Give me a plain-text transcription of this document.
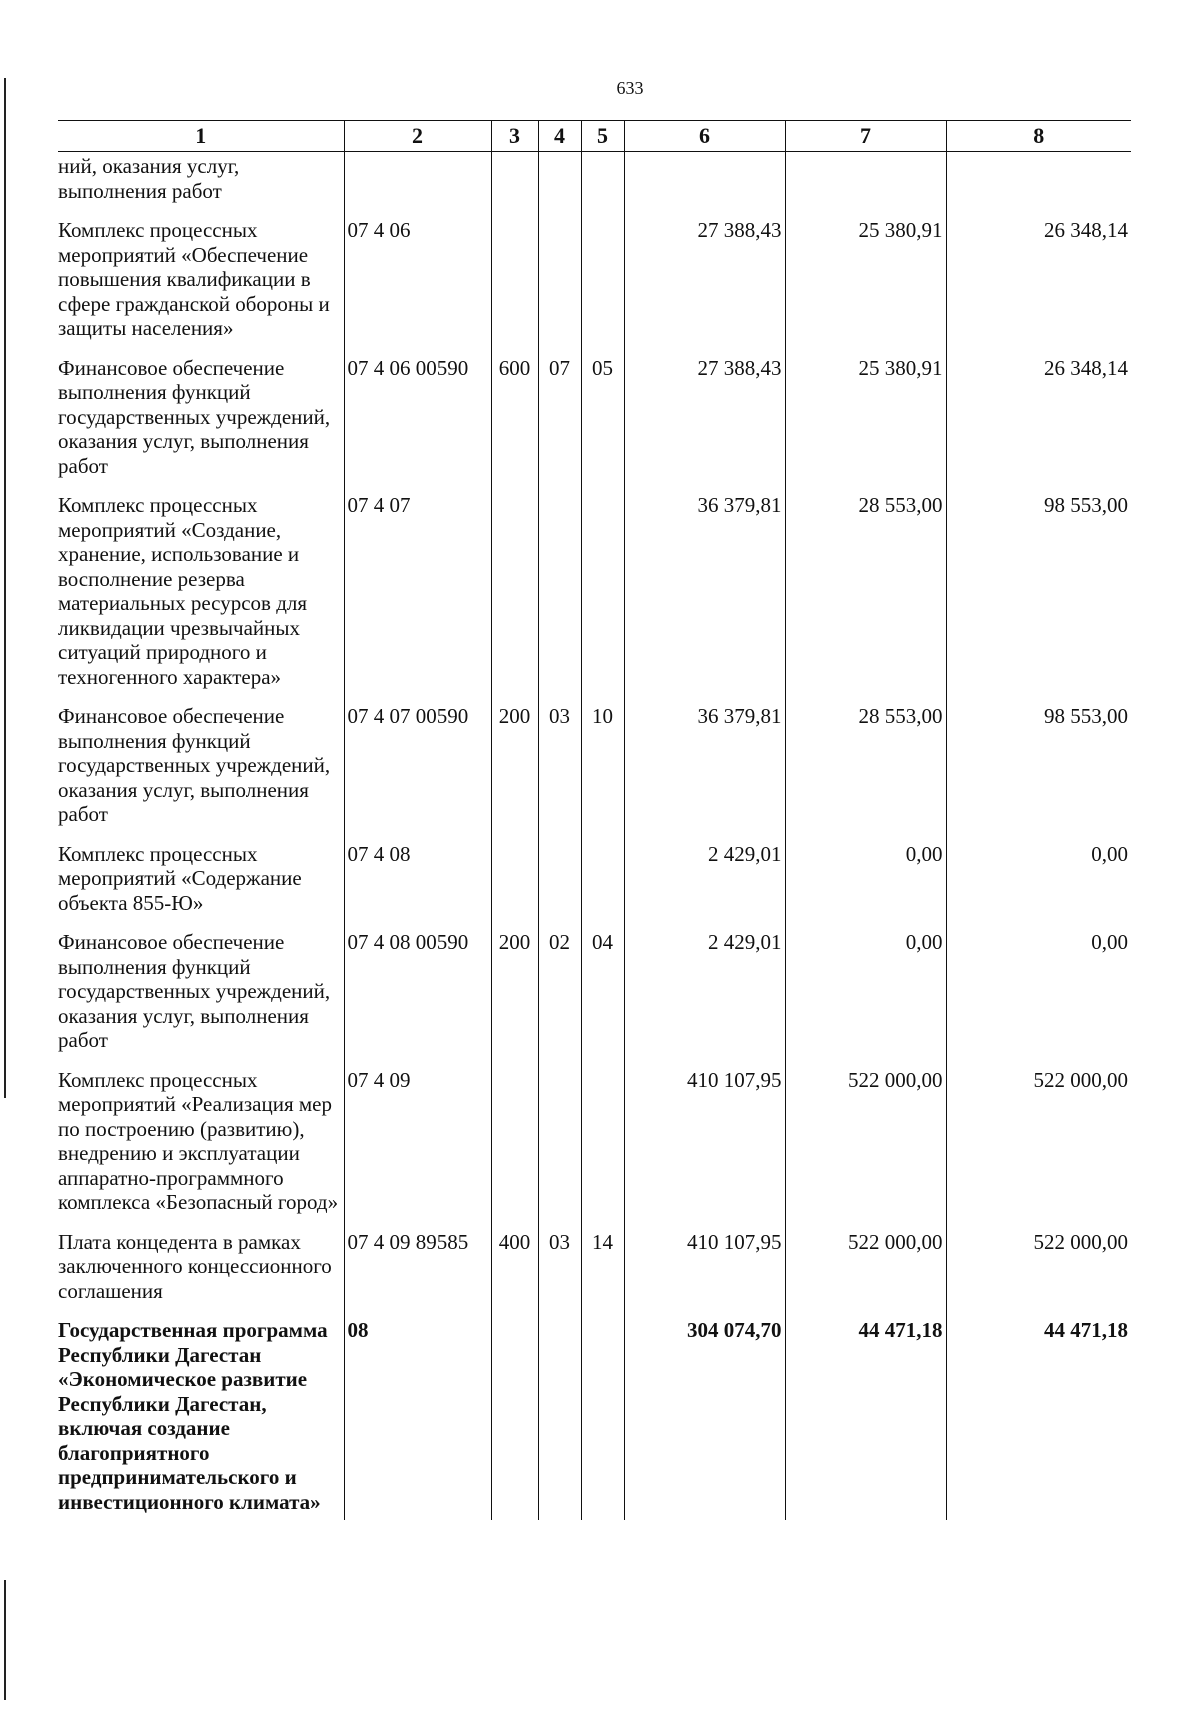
633
1	2	3	4	5	6	7	8
ний, оказания услуг, выполнения работ							
Комплекс процессных мероприятий «Обеспечение повышения квалификации в сфере гражданской обороны и защиты населения»	07 4 06				27 388,43	25 380,91	26 348,14
Финансовое обеспечение выполнения функций государственных учреждений, оказания услуг, выполнения работ	07 4 06 00590	600	07	05	27 388,43	25 380,91	26 348,14
Комплекс процессных мероприятий «Создание, хранение, использование и восполнение резерва материальных ресурсов для ликвидации чрезвычайных ситуаций природного и техногенного характера»	07 4 07				36 379,81	28 553,00	98 553,00
Финансовое обеспечение выполнения функций государственных учреждений, оказания услуг, выполнения работ	07 4 07 00590	200	03	10	36 379,81	28 553,00	98 553,00
Комплекс процессных мероприятий «Содержание объекта 855-Ю»	07 4 08				2 429,01	0,00	0,00
Финансовое обеспечение выполнения функций государственных учреждений, оказания услуг, выполнения работ	07 4 08 00590	200	02	04	2 429,01	0,00	0,00
Комплекс процессных мероприятий «Реализация мер по построению (развитию), внедрению и эксплуатации аппаратно-программного комплекса «Безопасный город»	07 4 09				410 107,95	522 000,00	522 000,00
Плата концедента в рамках заключенного концессионного соглашения	07 4 09 89585	400	03	14	410 107,95	522 000,00	522 000,00
Государственная программа Республики Дагестан «Экономическое развитие Республики Дагестан, включая создание благоприятного предпринимательского и инвестиционного климата»	08				304 074,70	44 471,18	44 471,18
